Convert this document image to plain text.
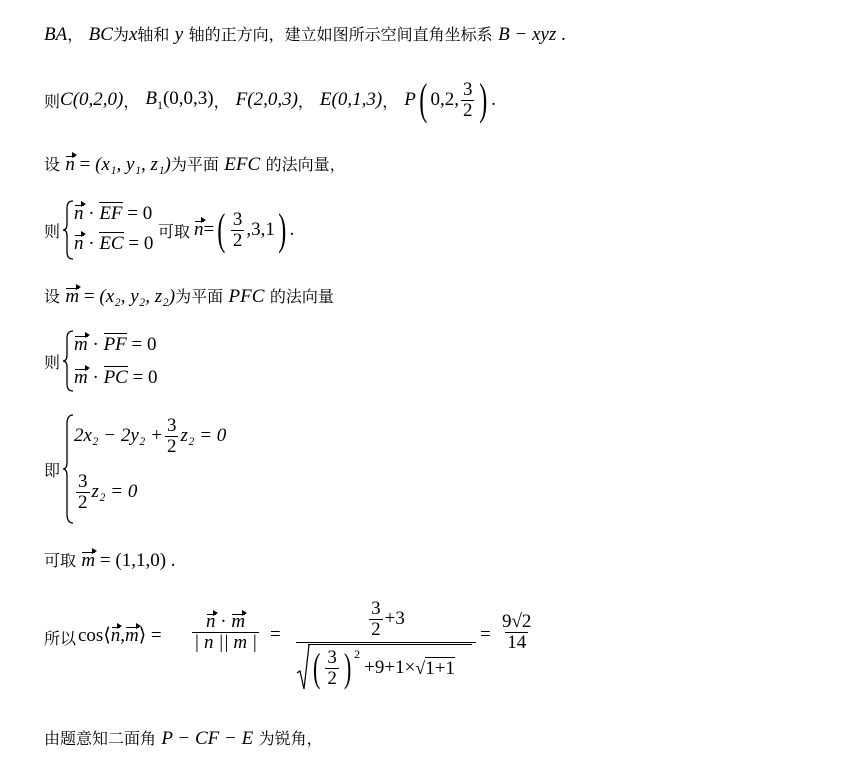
BA， BC为x轴和 y 轴的正方向，建立如图所示空间直角坐标系 B − xyz .
则 C(0,2,0) ， $B_1(0,0,3)$ ， F(2,0,3) ， E(0,1,3) ， P ( 0,2, $\frac{3}{2}$ ) .
设 n = (x₁, y₁, z₁)为平面 EFC 的法向量，
则
n · EF = 0
n · EC = 0
可取 n = ( $\frac{3}{2} ,3,1$ ) .
设 m = (x₂, y₂, z₂)为平面 PFC 的法向量
则
m · PF = 0
m · PC = 0
即
$2x_2 - 2y_2 + \frac{3}{2} z_2 = 0$
$\frac{3}{2} z_2 = 0$
可取 m = (1,1,0) .
所以 cos⟨n,m⟩ = $\frac{n \cdot m}{| n || m |}$ =	$\frac{3}{2} +3$
( $\frac{3}{2} )^2$
+9+1× √ 1+1
= $\frac{9√2}{14}$
由题意知二面角 P − CF − E 为锐角，
